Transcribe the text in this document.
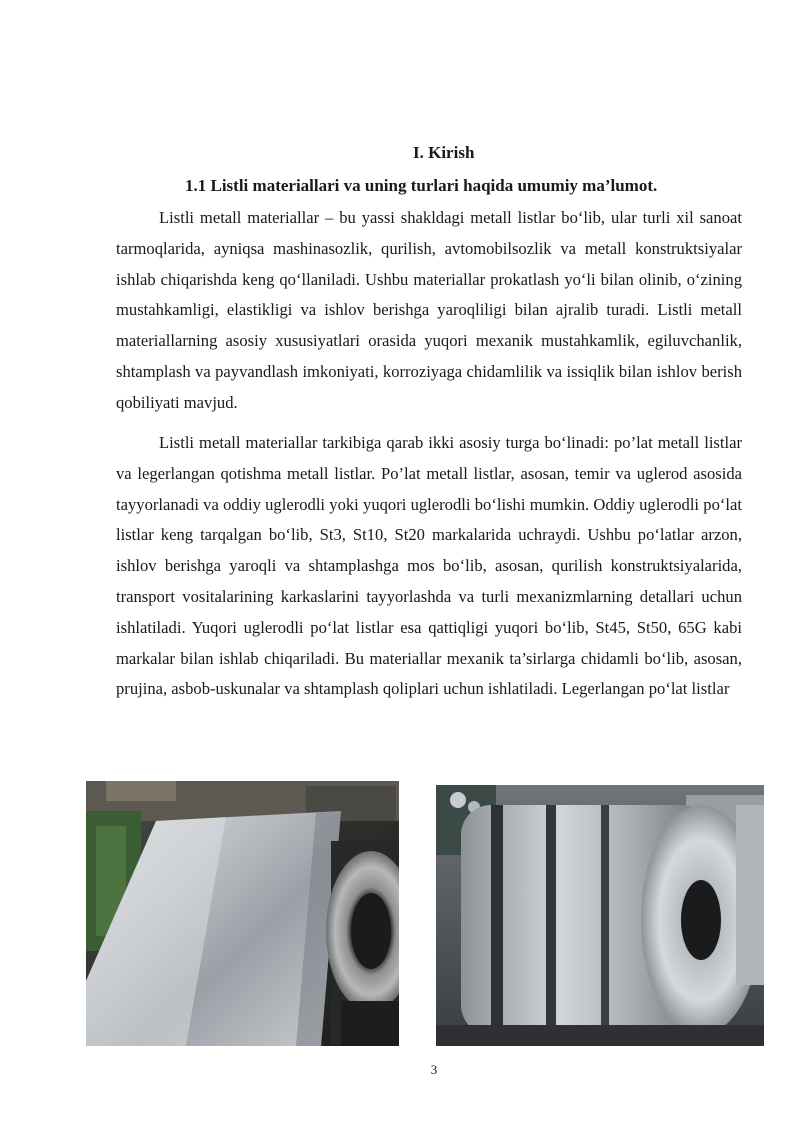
I. Kirish
1.1 Listli materiallari va uning turlari haqida umumiy ma’lumot.

Listli metall materiallar – bu yassi shakldagi metall listlar bo‘lib, ular turli xil sanoat tarmoqlarida, ayniqsa mashinasozlik, qurilish, avtomobilsozlik va metall konstruktsiyalar ishlab chiqarishda keng qo‘llaniladi. Ushbu materiallar prokatlash yo‘li bilan olinib, o‘zining mustahkamligi, elastikligi va ishlov berishga yaroqliligi bilan ajralib turadi. Listli metall materiallarning asosiy xususiyatlari orasida yuqori mexanik mustahkamlik, egiluvchanlik, shtamplash va payvandlash imkoniyati, korroziyaga chidamlilik va issiqlik bilan ishlov berish qobiliyati mavjud.

Listli metall materiallar tarkibiga qarab ikki asosiy turga bo‘linadi: po’lat metall listlar va legerlangan qotishma metall listlar. Po’lat metall listlar, asosan, temir va uglerod asosida tayyorlanadi va oddiy uglerodli yoki yuqori uglerodli bo‘lishi mumkin. Oddiy uglerodli po‘lat listlar keng tarqalgan bo‘lib, St3, St10, St20 markalarida uchraydi. Ushbu po‘latlar arzon, ishlov berishga yaroqli va shtamplashga mos bo‘lib, asosan, qurilish konstruktsiyalarida, transport vositalarining karkaslarini tayyorlashda va turli mexanizmlarning detallari uchun ishlatiladi. Yuqori uglerodli po‘lat listlar esa qattiqligi yuqori bo‘lib, St45, St50, 65G kabi markalar bilan ishlab chiqariladi. Bu materiallar mexanik ta’sirlarga chidamli bo‘lib, asosan, prujina, asbob-uskunalar va shtamplash qoliplari uchun ishlatiladi. Legerlangan po‘lat listlar

3
